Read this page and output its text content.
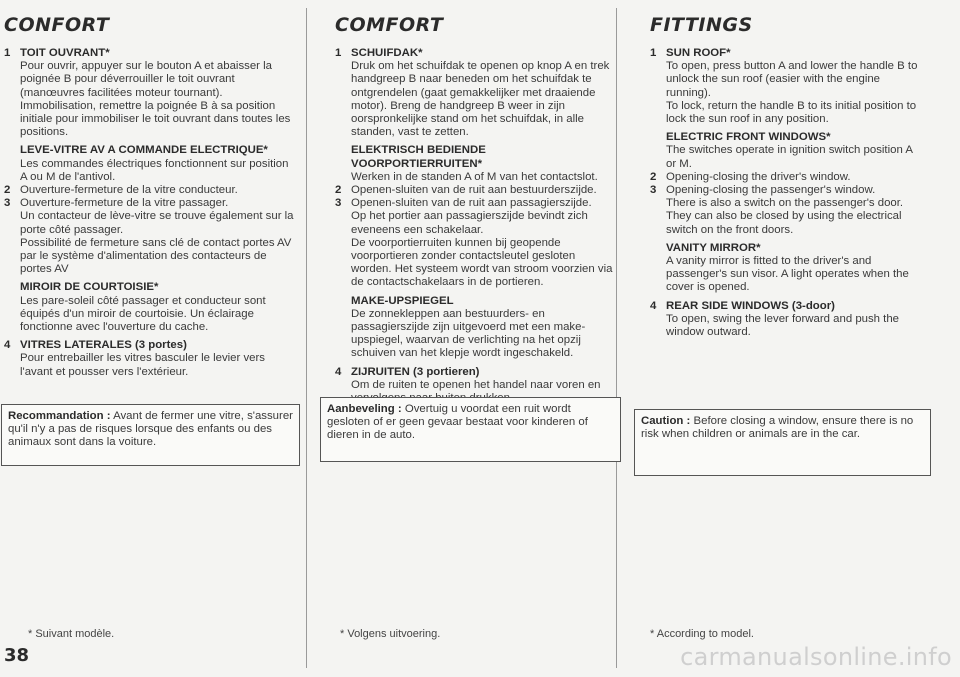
CONFORT
1 TOIT OUVRANT*

Pour ouvrir, appuyer sur le bouton A et abaisser la poignée B pour déverrouiller le toit ouvrant (manœuvres facilitées moteur tournant).

Immobilisation, remettre la poignée B à sa position initiale pour immobiliser le toit ouvrant dans toutes les positions.

LEVE-VITRE AV A COMMANDE ELECTRIQUE*

Les commandes électriques fonctionnent sur position A ou M de l'antivol.

2 Ouverture-fermeture de la vitre conducteur.

3 Ouverture-fermeture de la vitre passager.

Un contacteur de lève-vitre se trouve également sur la porte côté passager.

Possibilité de fermeture sans clé de contact portes AV par le système d'alimentation des contacteurs de portes AV

MIROIR DE COURTOISIE*

Les pare-soleil côté passager et conducteur sont équipés d'un miroir de courtoisie. Un éclairage fonctionne avec l'ouverture du cache.

4 VITRES LATERALES (3 portes)

Pour entrebailler les vitres basculer le levier vers l'avant et pousser vers l'extérieur.

Recommandation : Avant de fermer une vitre, s'assurer qu'il n'y a pas de risques lorsque des enfants ou des animaux sont dans la voiture.
* Suivant modèle.
COMFORT
1 SCHUIFDAK*

Druk om het schuifdak te openen op knop A en trek handgreep B naar beneden om het schuifdak te ontgrendelen (gaat gemakkelijker met draaiende motor). Breng de handgreep B weer in zijn oorspronkelijke stand om het schuifdak, in alle standen, vast te zetten.

ELEKTRISCH BEDIENDE VOORPORTIERRUITEN*

Werken in de standen A of M van het contactslot.

2 Openen-sluiten van de ruit aan bestuurderszijde.

3 Openen-sluiten van de ruit aan passagierszijde.

Op het portier aan passagierszijde bevindt zich eveneens een schakelaar.

De voorportierruiten kunnen bij geopende voorportieren zonder contactsleutel gesloten worden. Het systeem wordt van stroom voorzien via de contactschakelaars in de portieren.

MAKE-UPSPIEGEL

De zonnekleppen aan bestuurders- en passagierszijde zijn uitgevoerd met een make-upspiegel, waarvan de verlichting na het opzij schuiven van het klepje wordt ingeschakeld.

4 ZIJRUITEN (3 portieren)

Om de ruiten te openen het handel naar voren en

Aanbeveling : Overtuig u voordat een ruit wordt gesloten of er geen gevaar bestaat voor kinderen of dieren in de auto.
* Volgens uitvoering.
FITTINGS
1 SUN ROOF*

To open, press button A and lower the handle B to unlock the sun roof (easier with the engine running).

To lock, return the handle B to its initial position to lock the sun roof in any position.

ELECTRIC FRONT WINDOWS*

The switches operate in ignition switch position A or M.

2 Opening-closing the driver's window.

3 Opening-closing the passenger's window.

There is also a switch on the passenger's door.

They can also be closed by using the electrical switch on the front doors.

VANITY MIRROR*

A vanity mirror is fitted to the driver's and passenger's sun visor. A light operates when the cover is opened.

4 REAR SIDE WINDOWS (3-door)

To open, swing the lever forward and push the window outward.

Caution : Before closing a window, ensure there is no risk when children or animals are in the car.
* According to model.
38	carmanualsonline.info
